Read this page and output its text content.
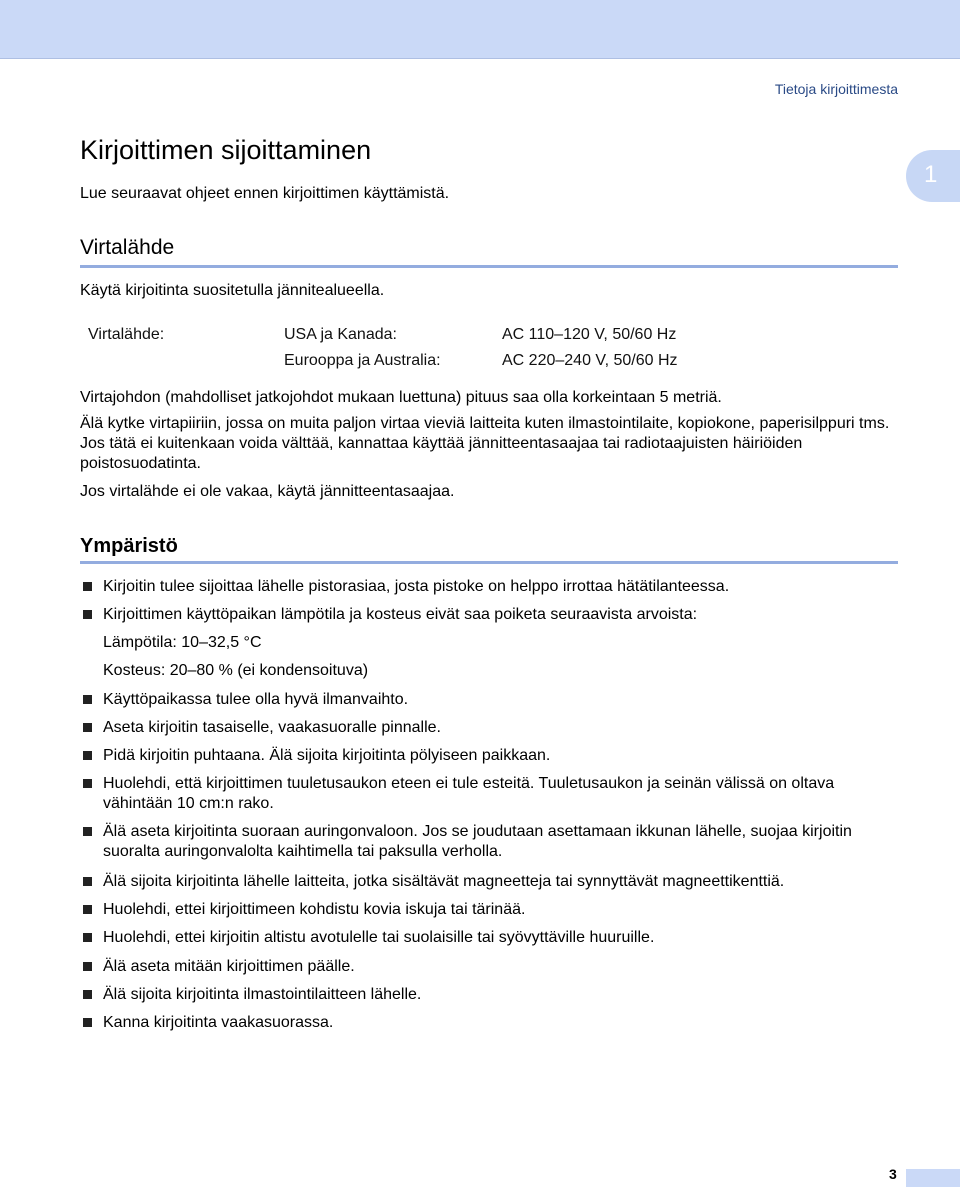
Tietoja kirjoittimesta
1
Kirjoittimen sijoittaminen
Lue seuraavat ohjeet ennen kirjoittimen käyttämistä.
Virtalähde
Käytä kirjoitinta suositetulla jännitealueella.
Virtalähde:	USA ja Kanada:	AC 110–120 V, 50/60 Hz
Eurooppa ja Australia:	AC 220–240 V, 50/60 Hz
Virtajohdon (mahdolliset jatkojohdot mukaan luettuna) pituus saa olla korkeintaan 5 metriä.
Älä kytke virtapiiriin, jossa on muita paljon virtaa vieviä laitteita kuten ilmastointilaite, kopiokone, paperisilppuri tms. Jos tätä ei kuitenkaan voida välttää, kannattaa käyttää jännitteentasaajaa tai radiotaajuisten häiriöiden poistosuodatinta.
Jos virtalähde ei ole vakaa, käytä jännitteentasaajaa.
Ympäristö
Kirjoitin tulee sijoittaa lähelle pistorasiaa, josta pistoke on helppo irrottaa hätätilanteessa.
Kirjoittimen käyttöpaikan lämpötila ja kosteus eivät saa poiketa seuraavista arvoista:
Lämpötila: 10–32,5 °C
Kosteus: 20–80 % (ei kondensoituva)
Käyttöpaikassa tulee olla hyvä ilmanvaihto.
Aseta kirjoitin tasaiselle, vaakasuoralle pinnalle.
Pidä kirjoitin puhtaana. Älä sijoita kirjoitinta pölyiseen paikkaan.
Huolehdi, että kirjoittimen tuuletusaukon eteen ei tule esteitä. Tuuletusaukon ja seinän välissä on oltava vähintään 10 cm:n rako.
Älä aseta kirjoitinta suoraan auringonvaloon. Jos se joudutaan asettamaan ikkunan lähelle, suojaa kirjoitin suoralta auringonvalolta kaihtimella tai paksulla verholla.
Älä sijoita kirjoitinta lähelle laitteita, jotka sisältävät magneetteja tai synnyttävät magneettikenttiä.
Huolehdi, ettei kirjoittimeen kohdistu kovia iskuja tai tärinää.
Huolehdi, ettei kirjoitin altistu avotulelle tai suolaisille tai syövyttäville huuruille.
Älä aseta mitään kirjoittimen päälle.
Älä sijoita kirjoitinta ilmastointilaitteen lähelle.
Kanna kirjoitinta vaakasuorassa.
3
